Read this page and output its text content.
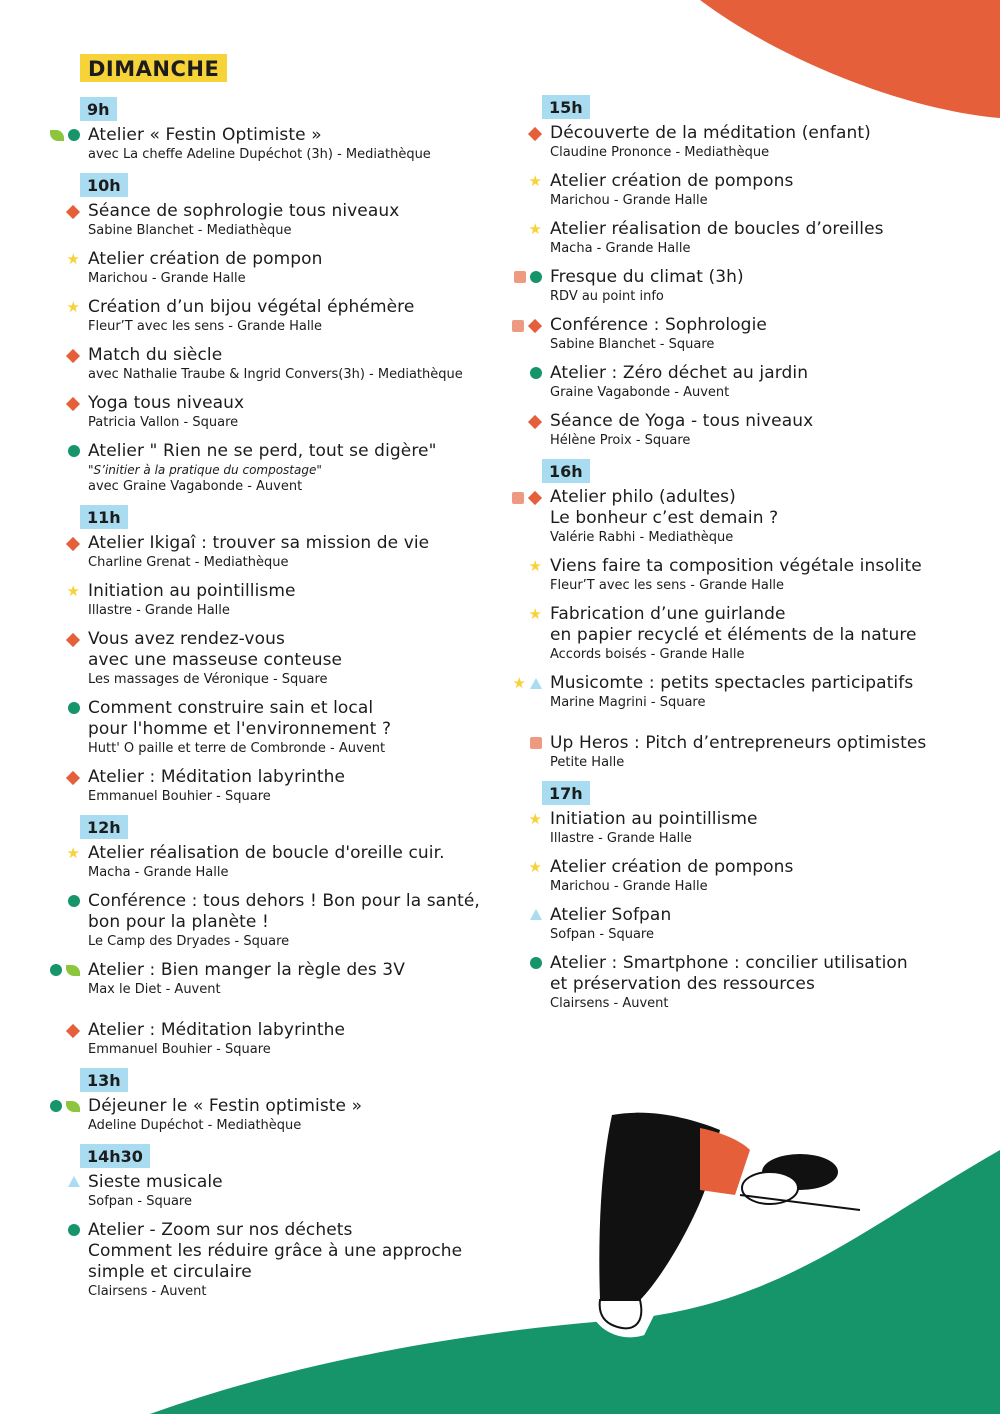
DIMANCHE
9h
Atelier « Festin Optimiste »
avec La cheffe Adeline Dupéchot (3h) - Mediathèque
10h
Séance de sophrologie tous niveaux
Sabine Blanchet - Mediathèque
★ Atelier création de pompon
Marichou - Grande Halle
★ Création d’un bijou végétal éphémère
Fleur’T avec les sens - Grande Halle
Match du siècle
avec Nathalie Traube & Ingrid Convers(3h) - Mediathèque
Yoga tous niveaux
Patricia Vallon - Square
Atelier " Rien ne se perd, tout se digère"
"S’initier à la pratique du compostage"
avec Graine Vagabonde - Auvent
11h
Atelier Ikigaî : trouver sa mission de vie
Charline Grenat - Mediathèque
★ Initiation au pointillisme
Illastre - Grande Halle
Vous avez rendez-vous
avec une masseuse conteuse
Les massages de Véronique - Square
Comment construire sain et local
pour l'homme et l'environnement ?
Hutt' O paille et terre de Combronde - Auvent
Atelier : Méditation labyrinthe
Emmanuel Bouhier - Square
12h
★ Atelier réalisation de boucle d'oreille cuir.
Macha - Grande Halle
Conférence : tous dehors ! Bon pour la santé,
bon pour la planète !
Le Camp des Dryades - Square
Atelier : Bien manger la règle des 3V
Max le Diet - Auvent
Atelier : Méditation labyrinthe
Emmanuel Bouhier - Square
13h
Déjeuner le « Festin optimiste »
Adeline Dupéchot - Mediathèque
14h30
Sieste musicale
Sofpan - Square
Atelier - Zoom sur nos déchets
Comment les réduire grâce à une approche
simple et circulaire
Clairsens - Auvent
15h
Découverte de la méditation (enfant)
Claudine Prononce - Mediathèque
★ Atelier création de pompons
Marichou - Grande Halle
★ Atelier réalisation de boucles d’oreilles
Macha - Grande Halle
Fresque du climat (3h)
RDV au point info
Conférence : Sophrologie
Sabine Blanchet - Square
Atelier : Zéro déchet au jardin
Graine Vagabonde - Auvent
Séance de Yoga - tous niveaux
Hélène Proix - Square
16h
Atelier philo (adultes)
Le bonheur c’est demain ?
Valérie Rabhi - Mediathèque
★ Viens faire ta composition végétale insolite
Fleur’T avec les sens - Grande Halle
★ Fabrication d’une guirlande
en papier recyclé et éléments de la nature
Accords boisés - Grande Halle
★ Musicomte : petits spectacles participatifs
Marine Magrini - Square
Up Heros : Pitch d’entrepreneurs optimistes
Petite Halle
17h
★ Initiation au pointillisme
Illastre - Grande Halle
★ Atelier création de pompons
Marichou - Grande Halle
Atelier Sofpan
Sofpan - Square
Atelier : Smartphone : concilier utilisation
et préservation des ressources
Clairsens - Auvent
